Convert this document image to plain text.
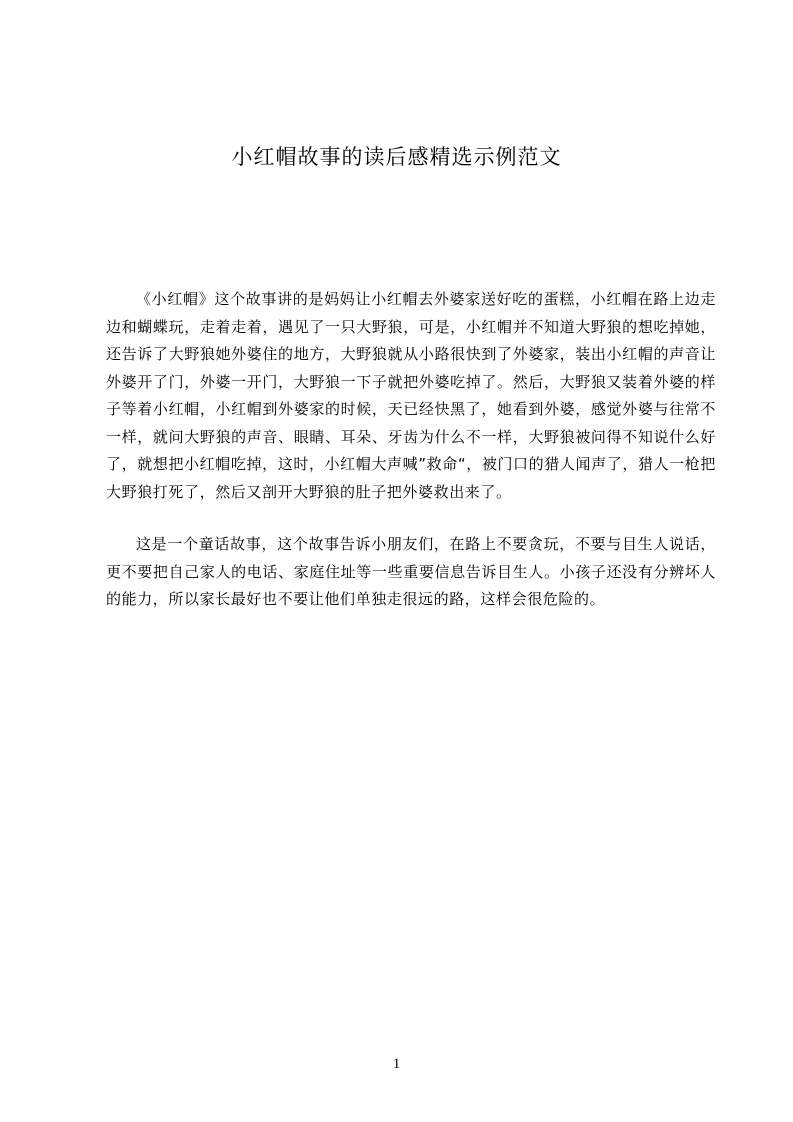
小红帽故事的读后感精选示例范文

《小红帽》这个故事讲的是妈妈让小红帽去外婆家送好吃的蛋糕，小红帽在路上边走边和蝴蝶玩，走着走着，遇见了一只大野狼，可是，小红帽并不知道大野狼的想吃掉她，还告诉了大野狼她外婆住的地方，大野狼就从小路很快到了外婆家，装出小红帽的声音让外婆开了门，外婆一开门，大野狼一下子就把外婆吃掉了。然后，大野狼又装着外婆的样子等着小红帽，小红帽到外婆家的时候，天已经快黑了，她看到外婆，感觉外婆与往常不一样，就问大野狼的声音、眼睛、耳朵、牙齿为什么不一样，大野狼被问得不知说什么好了，就想把小红帽吃掉，这时，小红帽大声喊”救命“，被门口的猎人闻声了，猎人一枪把大野狼打死了，然后又剖开大野狼的肚子把外婆救出来了。

这是一个童话故事，这个故事告诉小朋友们，在路上不要贪玩，不要与目生人说话，更不要把自己家人的电话、家庭住址等一些重要信息告诉目生人。小孩子还没有分辨坏人的能力，所以家长最好也不要让他们单独走很远的路，这样会很危险的。

1
